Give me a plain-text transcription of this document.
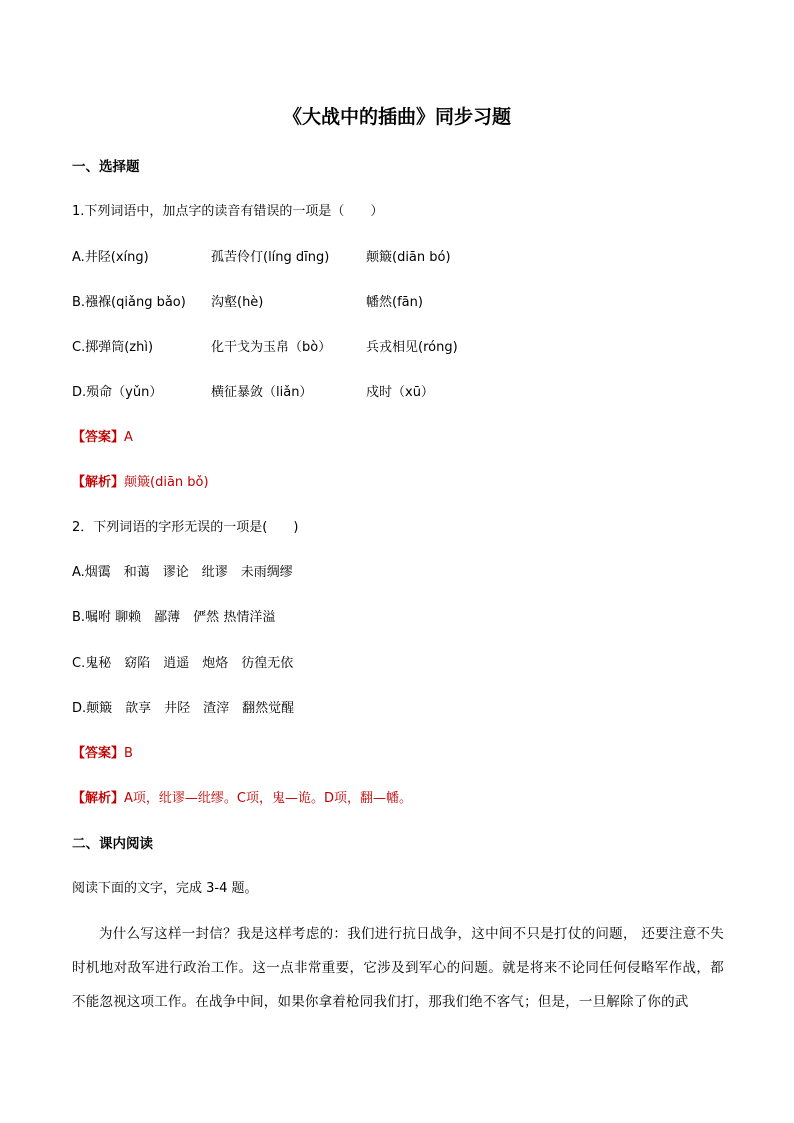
《大战中的插曲》同步习题
一、选择题
1.下列词语中，加点字的读音有错误的一项是（　　）
A.井陉(xíng)	孤苦伶仃(líng dīng)	颠簸(diān bó)
B.襁褓(qiǎng bǎo) 沟壑(hè)	幡然(fān)
C.掷弹筒(zhì)	化干戈为玉帛（bò）	兵戎相见(róng)
D.殒命（yǔn）	横征暴敛（liǎn）	戍时（xū）
【答案】A
【解析】颠簸(diān bǒ)
2．下列词语的字形无误的一项是(　　)
A.烟霭　和蔼　谬论　纰谬　未雨绸缪
B.嘱咐 聊赖　鄙薄　俨然 热情洋溢
C.鬼秘　窈陷　逍遥　炮烙　彷徨无依
D.颠簸　歆享　井陉　渣滓　翻然觉醒
【答案】B
【解析】A项，纰谬—纰缪。C项，鬼—诡。D项，翻—幡。
二、课内阅读
阅读下面的文字，完成 3-4 题。
为什么写这样一封信？我是这样考虑的：我们进行抗日战争，这中间不只是打仗的问题， 还要注意不失时机地对敌军进行政治工作。这一点非常重要，它涉及到军心的问题。就是将来不论同任何侵略军作战，都不能忽视这项工作。在战争中间，如果你拿着枪同我们打，那我们绝不客气；但是，一旦解除了你的武
